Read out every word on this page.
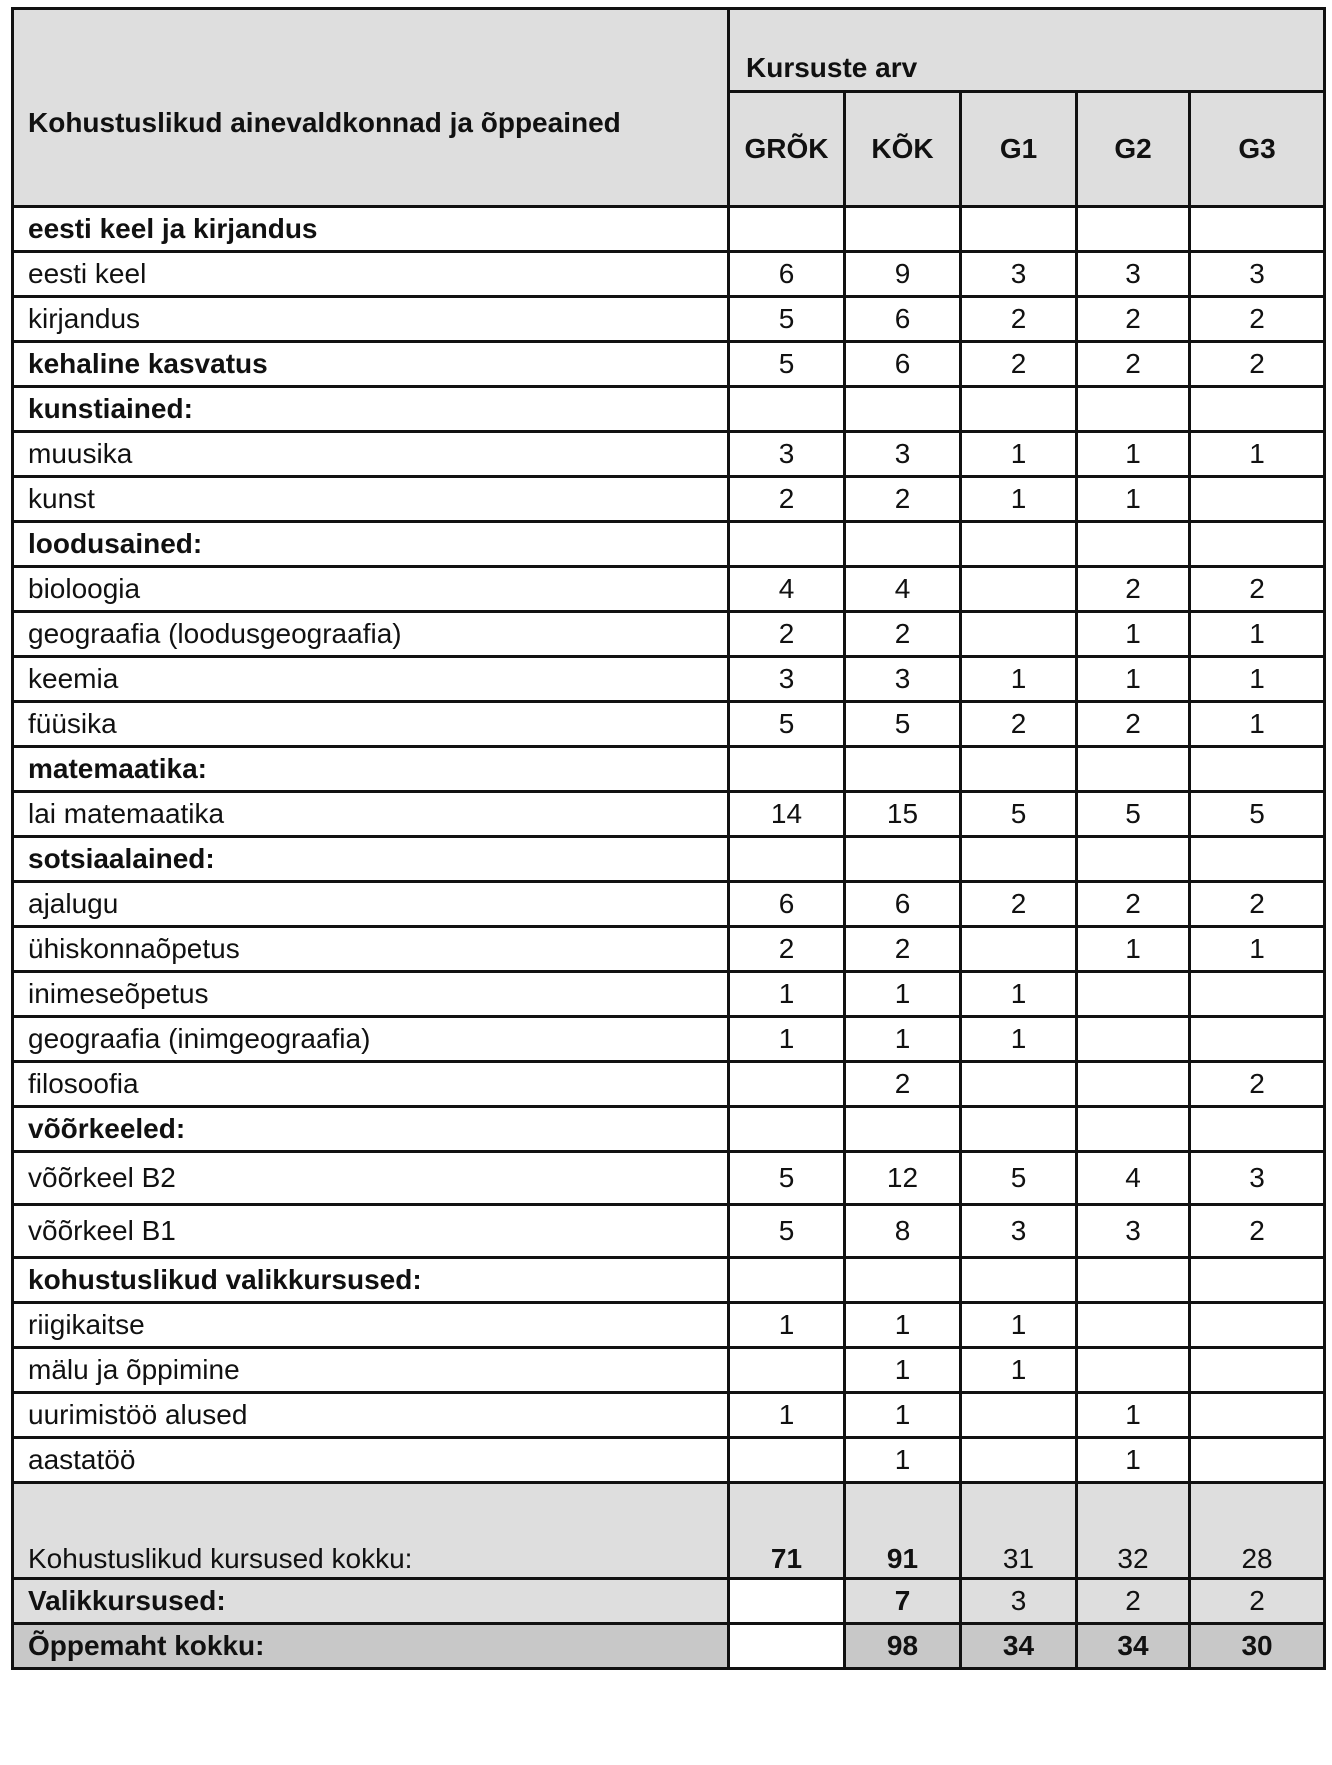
Kohustuslikud ainevaldkonnad ja õppeained	Kursuste arv				
	GRÕK	KÕK	G1	G2	G3
eesti keel ja kirjandus					
eesti keel	6	9	3	3	3
kirjandus	5	6	2	2	2
kehaline kasvatus	5	6	2	2	2
kunstiained:					
muusika	3	3	1	1	1
kunst	2	2	1	1	
loodusained:					
bioloogia	4	4		2	2
geograafia (loodusgeograafia)	2	2		1	1
keemia	3	3	1	1	1
füüsika	5	5	2	2	1
matemaatika:					
lai matemaatika	14	15	5	5	5
sotsiaalained:					
ajalugu	6	6	2	2	2
ühiskonnaõpetus	2	2		1	1
inimeseõpetus	1	1	1		
geograafia (inimgeograafia)	1	1	1		
filosoofia		2			2
võõrkeeled:					
võõrkeel B2	5	12	5	4	3
võõrkeel B1	5	8	3	3	2
kohustuslikud valikkursused:					
riigikaitse	1	1	1		
mälu ja õppimine		1	1		
uurimistöö alused	1	1		1	
aastatöö		1		1	
Kohustuslikud kursused kokku:	71	91	31	32	28
Valikkursused:		7	3	2	2
Õppemaht kokku:		98	34	34	30
